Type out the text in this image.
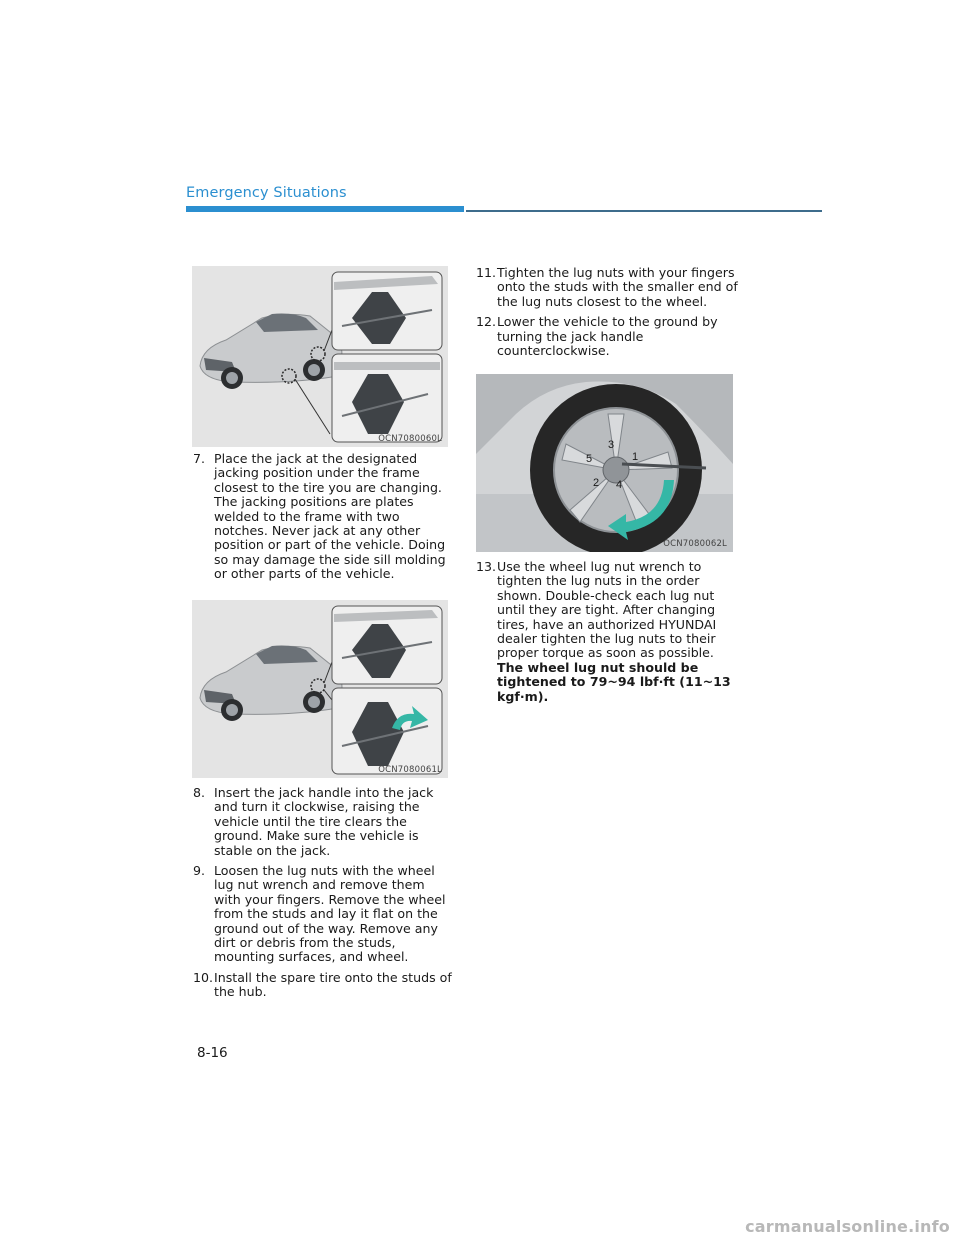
Emergency Situations
OCN7080060L
OCN7080061L
1
2
3
4
5
OCN7080062L
7. Place the jack at the designated jacking position under the frame closest to the tire you are changing. The jacking positions are plates welded to the frame with two notches. Never jack at any other position or part of the vehicle. Doing so may damage the side sill molding or other parts of the vehicle.
8. Insert the jack handle into the jack and turn it clockwise, raising the vehicle until the tire clears the ground. Make sure the vehicle is stable on the jack.
9. Loosen the lug nuts with the wheel lug nut wrench and remove them with your fingers. Remove the wheel from the studs and lay it flat on the ground out of the way. Remove any dirt or debris from the studs, mounting surfaces, and wheel.
10. Install the spare tire onto the studs of the hub.
11. Tighten the lug nuts with your fingers onto the studs with the smaller end of the lug nuts closest to the wheel.
12. Lower the vehicle to the ground by turning the jack handle counterclockwise.
13. Use the wheel lug nut wrench to tighten the lug nuts in the order shown. Double-check each lug nut until they are tight. After changing tires, have an authorized HYUNDAI dealer tighten the lug nuts to their proper torque as soon as possible. The wheel lug nut should be tightened to 79~94 lbf·ft (11~13 kgf·m).
8-16
carmanualsonline.info
